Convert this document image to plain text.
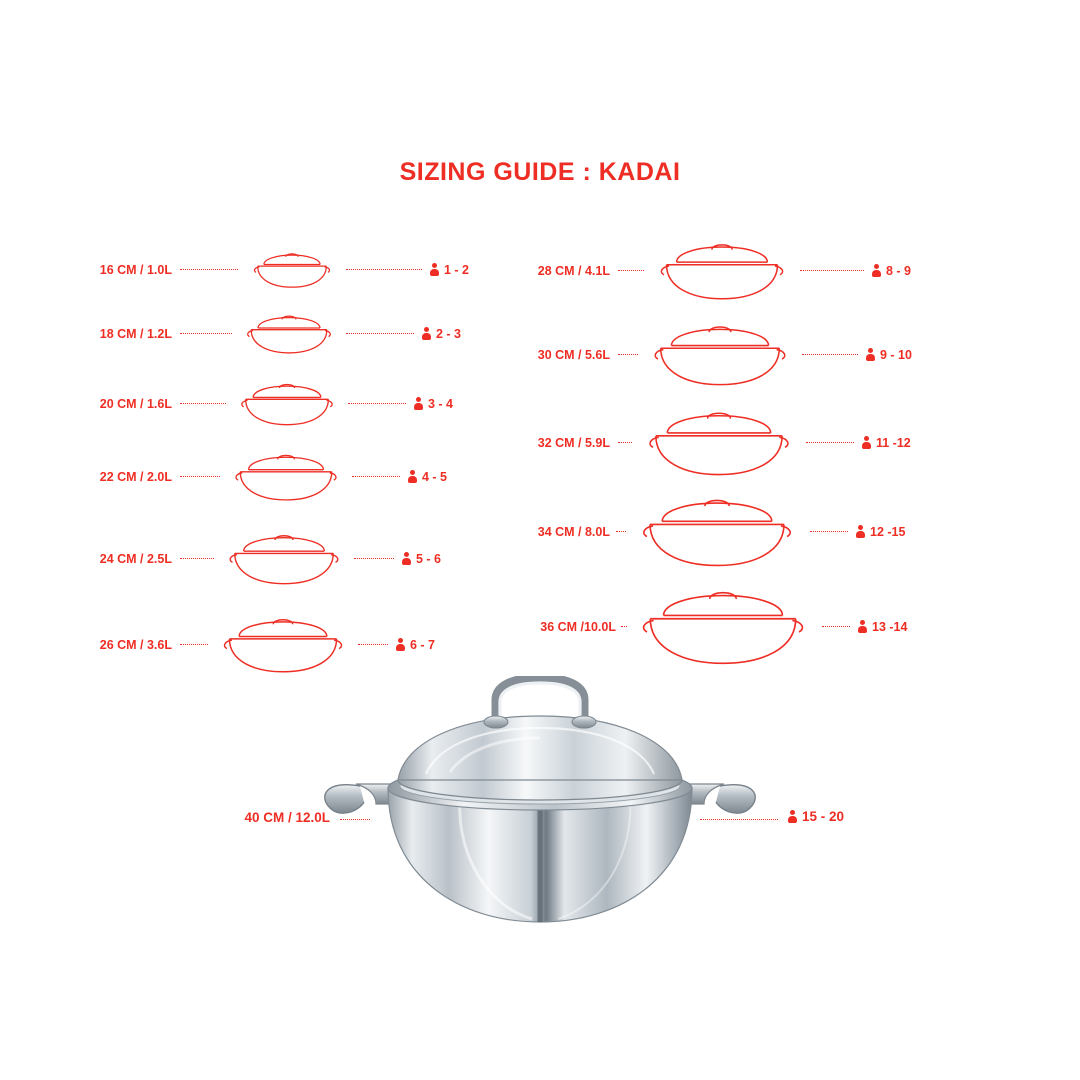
SIZING GUIDE : KADAI
16 CM / 1.0L	1 - 2
18 CM / 1.2L	2 - 3
20 CM / 1.6L	3 - 4
22 CM / 2.0L	4 - 5
24 CM / 2.5L	5 - 6
26 CM / 3.6L	6 - 7
28 CM / 4.1L	8 - 9
30 CM / 5.6L	9 - 10
32 CM / 5.9L	11 -12
34 CM / 8.0L	12 -15
36 CM /10.0L	13 -14
40 CM / 12.0L	15 - 20
